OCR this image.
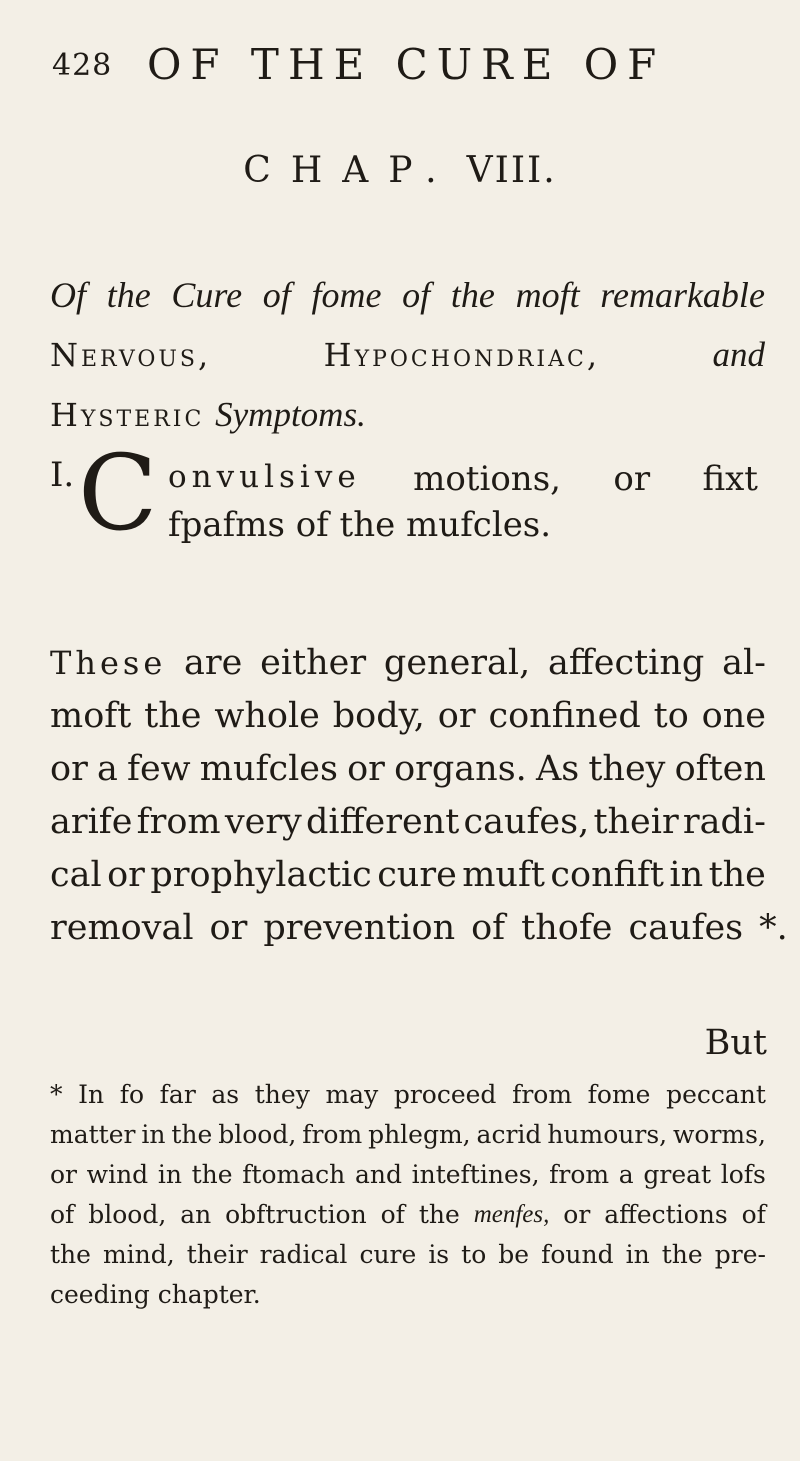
428 OF THE CURE OF
CHAP. VIII.
Of the Cure of fome of the moft remarkable
Nervous,	Hypochondriac,	and
Hysteric Symptoms.
I. C onvulsive motions, or fixt
fpafms of the mufcles.
These are either general, affecting al-
moft the whole body, or confined to one
or a few mufcles or organs. As they often
arife from very different caufes, their radi-
cal or prophylactic cure muft confift in the
removal or prevention of thofe caufes *.
But
* In fo far as they may proceed from fome peccant
matter in the blood, from phlegm, acrid humours, worms,
or wind in the ftomach and inteftines, from a great lofs
of blood, an obftruction of the menfes, or affections of
the mind, their radical cure is to be found in the pre-
ceeding chapter.
